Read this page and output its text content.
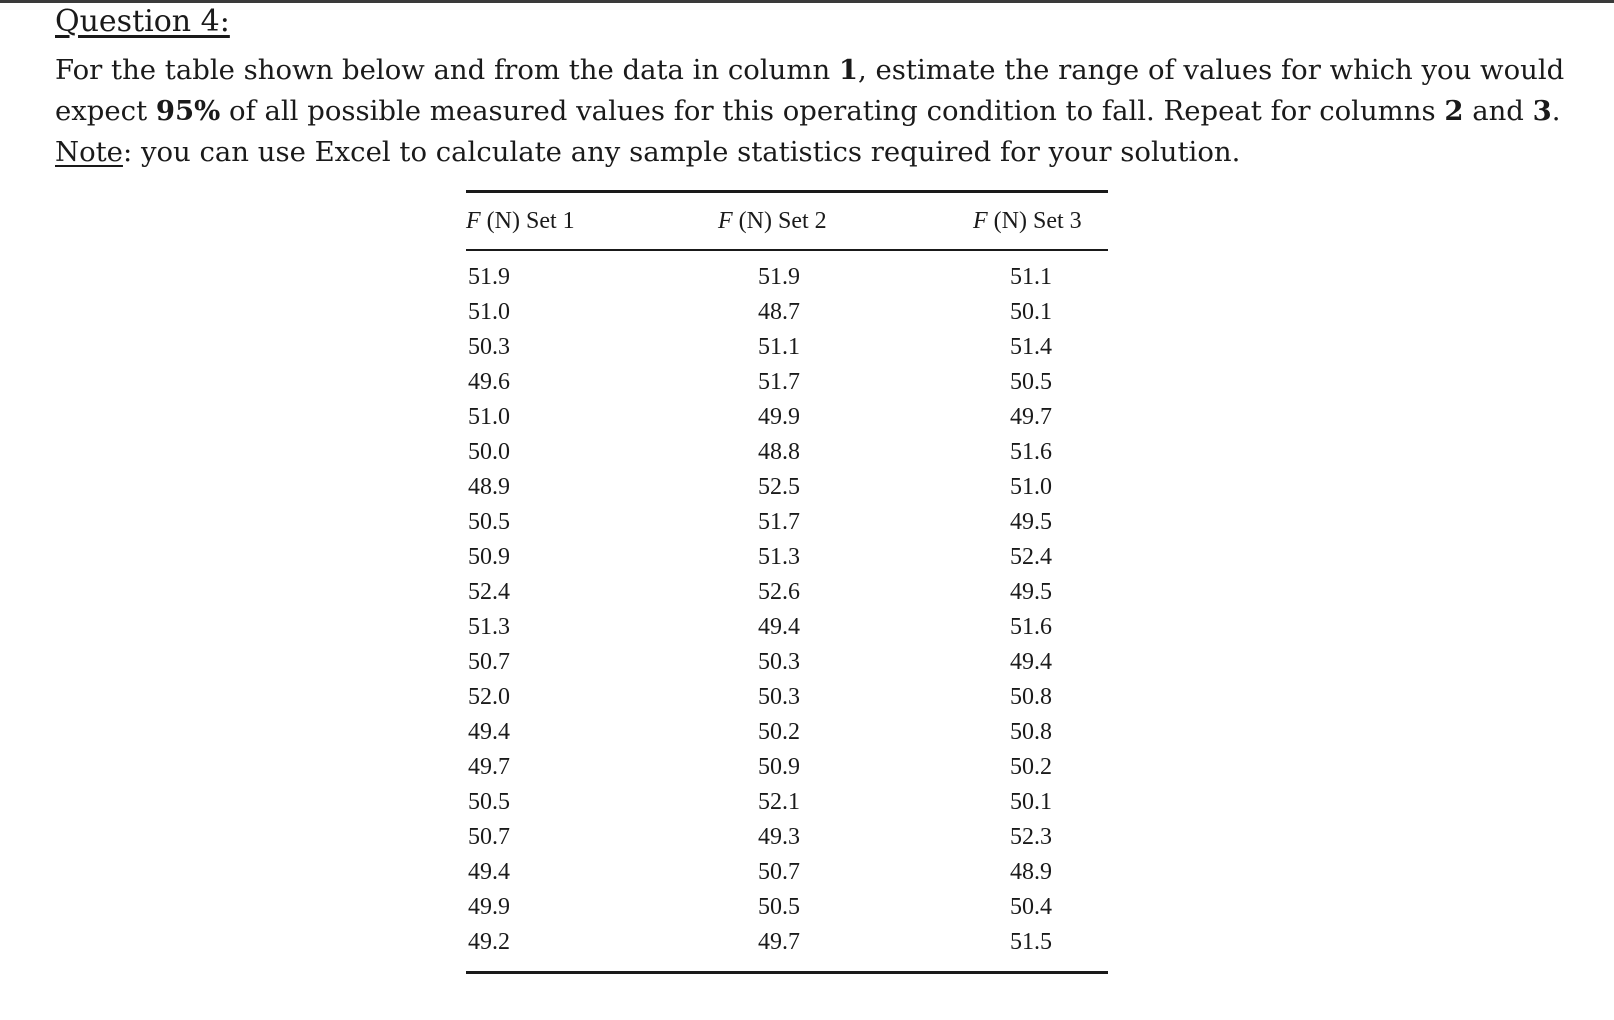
Question 4:

For the table shown below and from the data in column 1, estimate the range of values for which you would
expect 95% of all possible measured values for this operating condition to fall. Repeat for columns 2 and 3.
Note: you can use Excel to calculate any sample statistics required for your solution.

F (N) Set 1	F (N) Set 2	F (N) Set 3
51.9	51.9	51.1
51.0	48.7	50.1
50.3	51.1	51.4
49.6	51.7	50.5
51.0	49.9	49.7
50.0	48.8	51.6
48.9	52.5	51.0
50.5	51.7	49.5
50.9	51.3	52.4
52.4	52.6	49.5
51.3	49.4	51.6
50.7	50.3	49.4
52.0	50.3	50.8
49.4	50.2	50.8
49.7	50.9	50.2
50.5	52.1	50.1
50.7	49.3	52.3
49.4	50.7	48.9
49.9	50.5	50.4
49.2	49.7	51.5
